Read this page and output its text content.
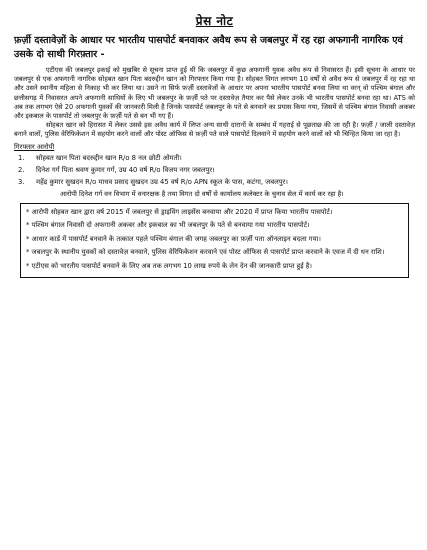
प्रेस नोट
फ़र्ज़ी दस्तावेज़ों के आधार पर भारतीय पासपोर्ट बनवाकर अवैध रूप से जबलपुर में रह रहा अफगानी नागरिक एवं उसके दो साथी गिरफ़्तार -

एटीएस की जबलपुर इकाई को मुखबिर से सूचना प्राप्त हुई थी कि जबलपुर में कुछ अफगानी युवक अवैध रूप से निवासरत हैं। इसी सूचना के आधार पर जबलपुर से एक अफगानी नागरिक सोहबत खान पिता बदरुद्दीन खान को गिरफ्तार किया गया है। सोहबत विगत लगभग 10 वर्षों से अवैध रूप से जबलपुर में रह रहा था और उसने स्थानीय महिला से निकाह भी कर लिया था। उसने ना सिर्फ फ़र्ज़ी दस्तावेजों के आधार पर अपना भारतीय पासपोर्ट बनवा लिया था वरन् वो पश्चिम बंगाल और छत्तीसगढ़ में निवासरत अपने अफगानी साथियों के लिए भी जबलपुर के फ़र्ज़ी पते पर दस्तावेज़ तैयार कर पैसे लेकर उनके भी भारतीय पासपोर्ट बनवा रहा था। ATS को अब तक लगभग ऐसे 20 अफगानी युवकों की जानकारी मिली है जिनके पासपोर्ट जबलपुर के पते से बनवाने का प्रयास किया गया, जिसमें से पश्चिम बंगाल निवासी अकबर और इकबाल के पासपोर्ट तो जबलपुर के फ़र्ज़ी पते से बन भी गए हैं।

सोहबत खान को हिरासत में लेकर उससे इस अवैध कार्य में लिप्त अन्य साथी दारानों के सम्बंध में गहराई से पूछताछ की जा रही है। फ़र्ज़ी / जाली दस्तावेज़ बनाने वालों, पुलिस वेरिफिकेशन में सहयोग करने वालों और पोस्ट ऑफिस से फ़र्ज़ी पते वाले पासपोर्ट दिलवाने में सहयोग करने वालों को भी चिन्हित किया जा रहा है।

गिरफ्तार आरोपी
1. सोहबत खान पिता बदरुद्दीन खान R/o 8 नल छोटी ओमती।
2. दिनेश गर्ग पिता श्रवण कुमार गर्ग, उम्र 40 वर्ष R/o विजय नगर जबलपुर।
3. महेंद्र कुमार सुखदन R/o माधव प्रसाद सुखदन उम्र 45 वर्ष R/o APN स्कूल के पास, कटंगा, जबलपुर।
आरोपी दिनेश गर्ग वन विभाग में वनारक्षक है तथा विगत दो वर्षों से कार्यालय कलेक्टर के चुनाव सेल में कार्य कर रहा है।
* आरोपी सोहबत खान द्वारा वर्ष 2015 में जबलपुर से ड्राइविंग लाइसेंस बनवाया और 2020 में प्राप्त किया भारतीय पासपोर्ट।
* पश्चिम बंगाल निवासी दो अफगानी अकबर और इकबाल का भी जबलपुर के पते से बनवाया गया भारतीय पासपोर्ट।
* आधार कार्ड में पासपोर्ट बनवाने के तत्काल पहले पश्चिम बंगाल की जगह जबलपुर का फ़र्ज़ी पता ऑनलाइन बदला गया।
* जबलपुर के स्थानीय युवकों को दस्तावेज़ बनवाने, पुलिस वेरिफिकेशन करवाने एवं पोस्ट ऑफिस से पासपोर्ट प्राप्त करवाने के एवज में दी धन राशि।
* एटीएस को भारतीय पासपोर्ट बनवाने के लिए अब तक लगभग 10 लाख रुपये के लेन देन की जानकारी प्राप्त हुई है।
